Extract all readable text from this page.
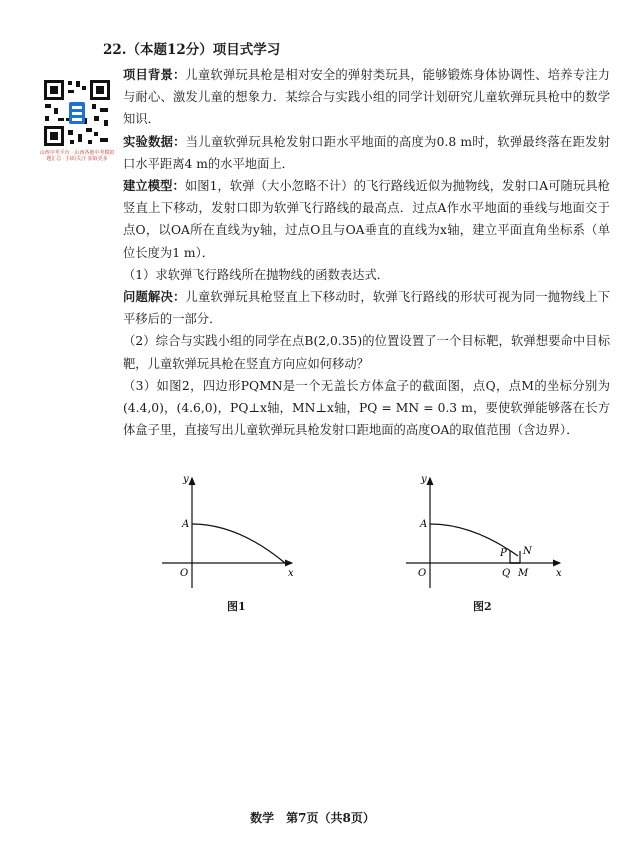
22.（本题12分）项目式学习
山西中考平台 · 山西各地中考模拟题汇总 · 扫码关注 获取更多

项目背景：儿童软弹玩具枪是相对安全的弹射类玩具，能够锻炼身体协调性、培养专注力与耐心、激发儿童的想象力．某综合与实践小组的同学计划研究儿童软弹玩具枪中的数学知识．

实验数据：当儿童软弹玩具枪发射口距水平地面的高度为0.8 m时，软弹最终落在距发射口水平距离4 m的水平地面上．

建立模型：如图1，软弹（大小忽略不计）的飞行路线近似为抛物线，发射口A可随玩具枪竖直上下移动，发射口即为软弹飞行路线的最高点．过点A作水平地面的垂线与地面交于点O，以OA所在直线为y轴，过点O且与OA垂直的直线为x轴，建立平面直角坐标系（单位长度为1 m）．

（1）求软弹飞行路线所在抛物线的函数表达式．

问题解决：儿童软弹玩具枪竖直上下移动时，软弹飞行路线的形状可视为同一抛物线上下平移后的一部分．

（2）综合与实践小组的同学在点B(2,0.35)的位置设置了一个目标靶，软弹想要命中目标靶，儿童软弹玩具枪在竖直方向应如何移动？

（3）如图2，四边形PQMN是一个无盖长方体盒子的截面图，点Q，点M的坐标分别为(4.4,0)，(4.6,0)，PQ⊥x轴，MN⊥x轴，PQ = MN = 0.3 m，要使软弹能够落在长方体盒子里，直接写出儿童软弹玩具枪发射口距地面的高度OA的取值范围（含边界）．

y
x
O
A
图1
y
x
O
A
P N
Q M
图2
数学　第7页（共8页）
